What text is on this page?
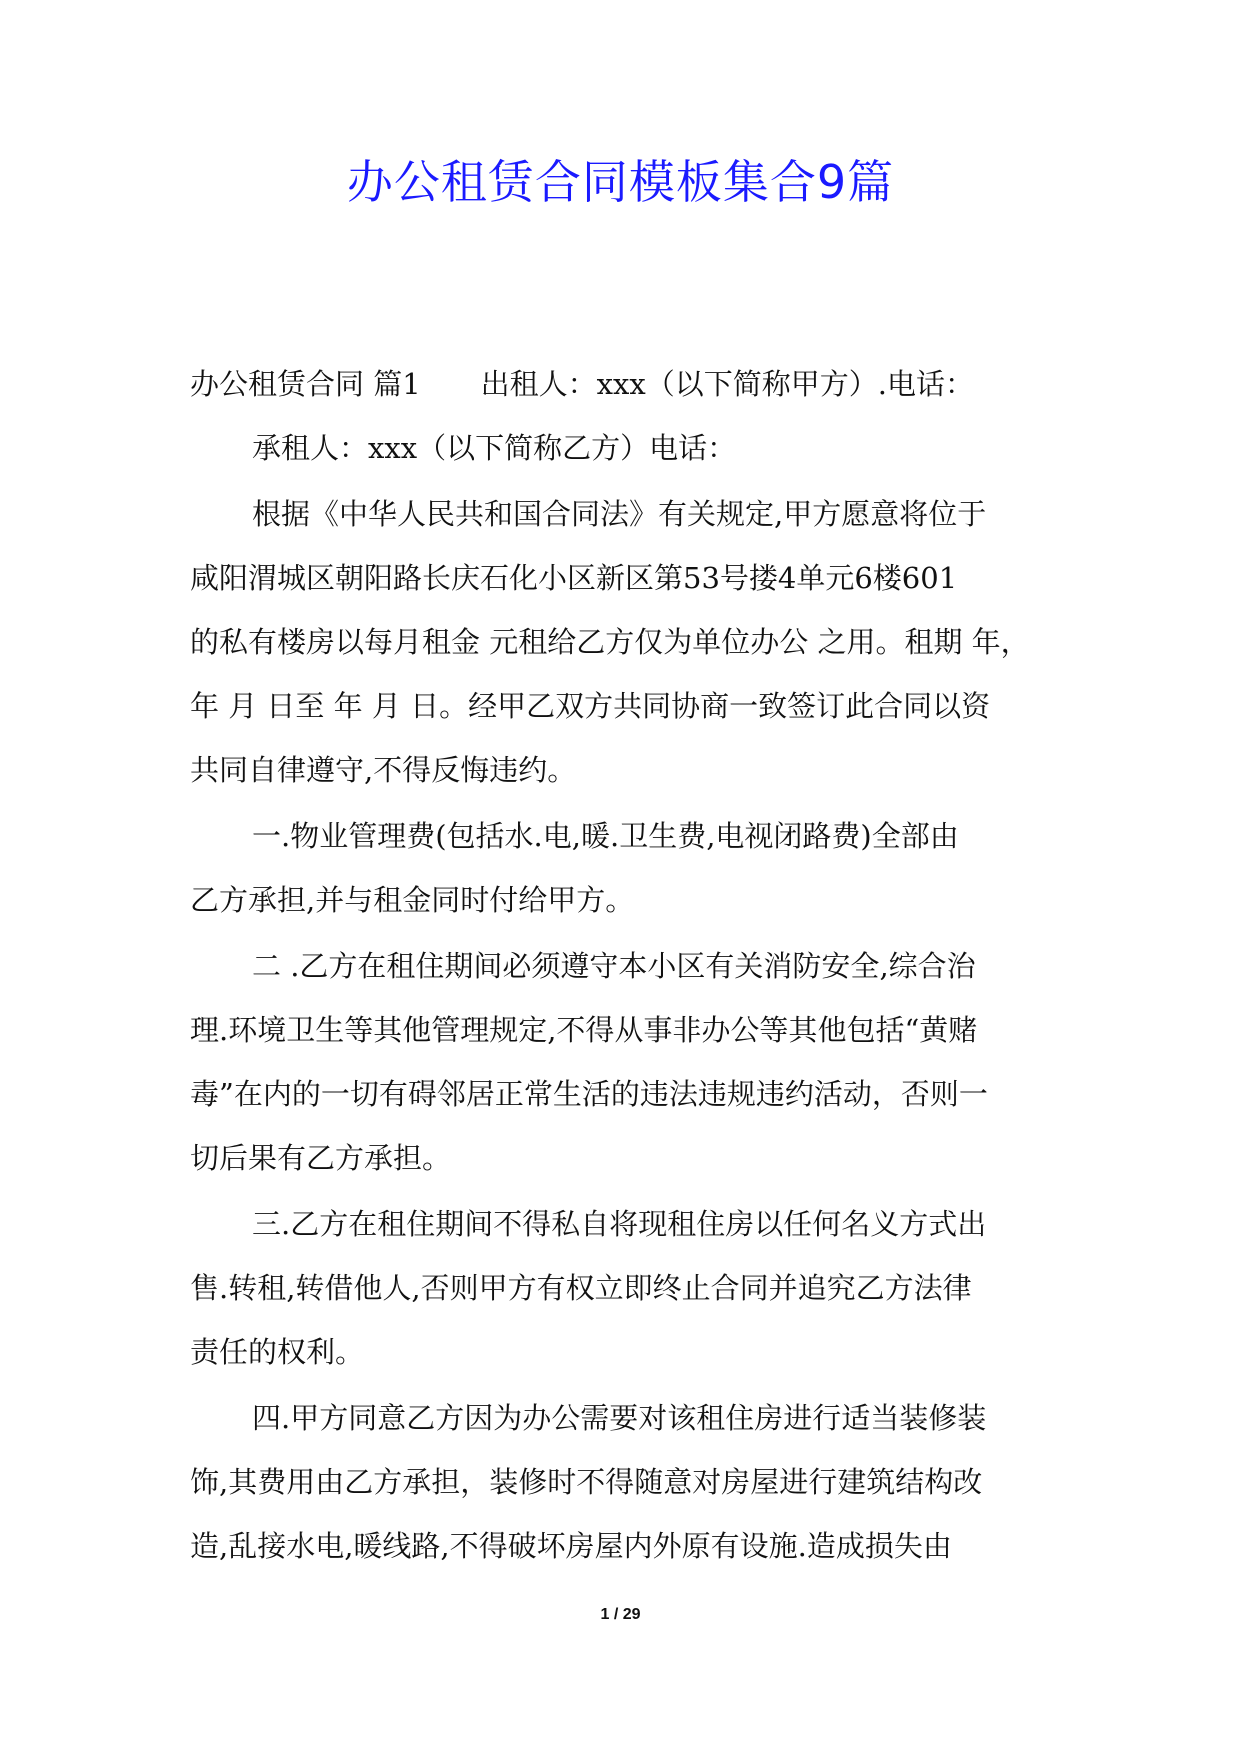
办公租赁合同模板集合9篇
办公租赁合同 篇1 出租人：xxx（以下简称甲方）.电话：
承租人：xxx（以下简称乙方）电话：
根据《中华人民共和国合同法》有关规定,甲方愿意将位于
咸阳渭城区朝阳路长庆石化小区新区第53号搂4单元6楼601
的私有楼房以每月租金 元租给乙方仅为单位办公 之用。租期 年，
年 月 日至 年 月 日。经甲乙双方共同协商一致签订此合同以资
共同自律遵守,不得反悔违约。
一.物业管理费(包括水.电,暖.卫生费,电视闭路费)全部由
乙方承担,并与租金同时付给甲方。
二 .乙方在租住期间必须遵守本小区有关消防安全,综合治
理.环境卫生等其他管理规定,不得从事非办公等其他包括“黄赌
毒”在内的一切有碍邻居正常生活的违法违规违约活动，否则一
切后果有乙方承担。
三.乙方在租住期间不得私自将现租住房以任何名义方式出
售.转租,转借他人,否则甲方有权立即终止合同并追究乙方法律
责任的权利。
四.甲方同意乙方因为办公需要对该租住房进行适当装修装
饰,其费用由乙方承担，装修时不得随意对房屋进行建筑结构改
造,乱接水电,暖线路,不得破坏房屋内外原有设施.造成损失由
1 / 29
